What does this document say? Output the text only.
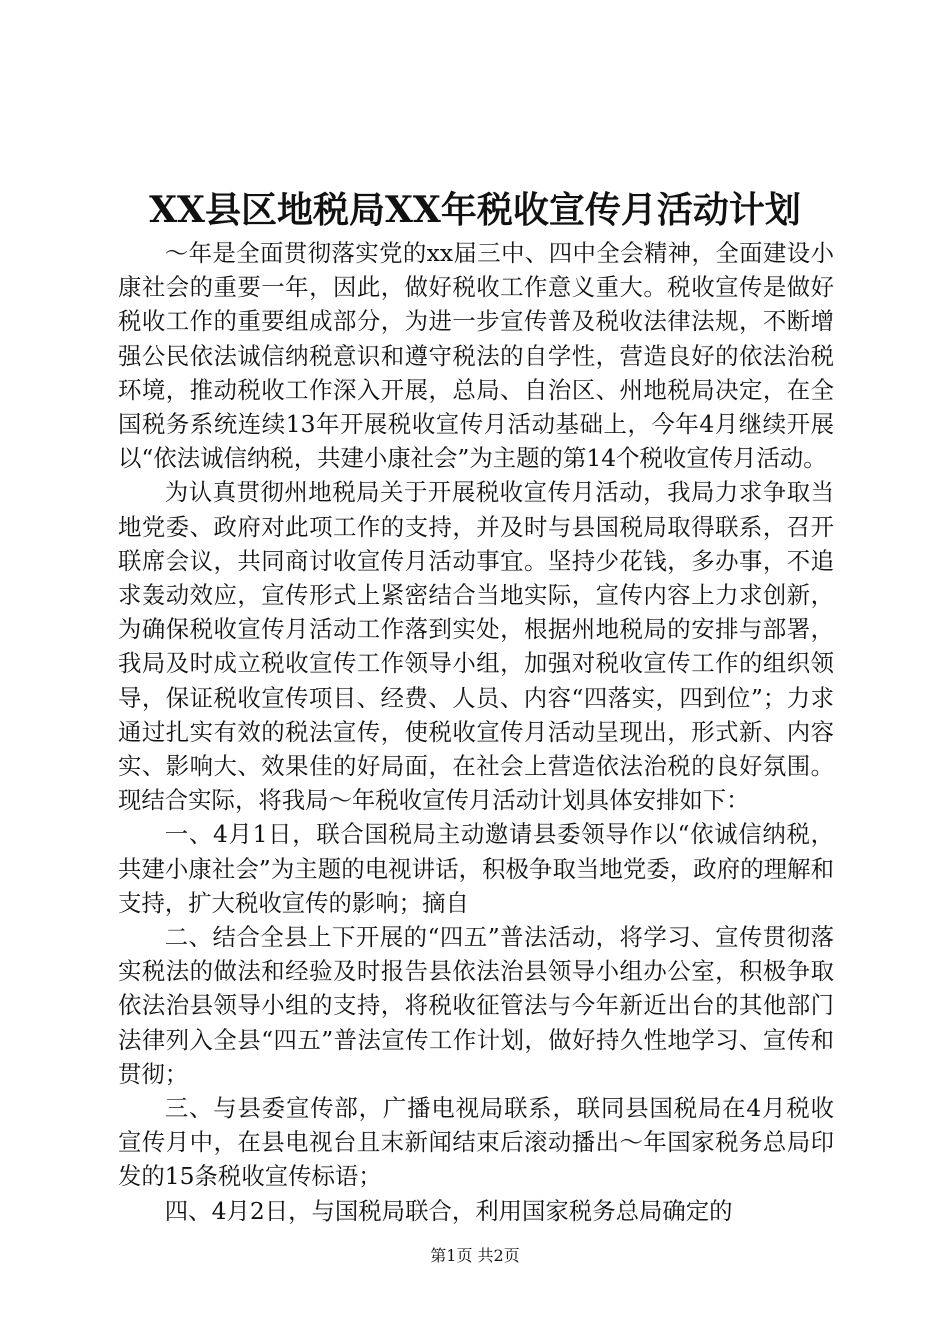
XX县区地税局XX年税收宣传月活动计划

～年是全面贯彻落实党的xx届三中、四中全会精神，全面建设小康社会的重要一年，因此，做好税收工作意义重大。税收宣传是做好税收工作的重要组成部分，为进一步宣传普及税收法律法规，不断增强公民依法诚信纳税意识和遵守税法的自学性，营造良好的依法治税环境，推动税收工作深入开展，总局、自治区、州地税局决定，在全国税务系统连续13年开展税收宣传月活动基础上，今年4月继续开展以“依法诚信纳税，共建小康社会”为主题的第14个税收宣传月活动。

为认真贯彻州地税局关于开展税收宣传月活动，我局力求争取当地党委、政府对此项工作的支持，并及时与县国税局取得联系，召开联席会议，共同商讨收宣传月活动事宜。坚持少花钱，多办事，不追求轰动效应，宣传形式上紧密结合当地实际，宣传内容上力求创新，为确保税收宣传月活动工作落到实处，根据州地税局的安排与部署，我局及时成立税收宣传工作领导小组，加强对税收宣传工作的组织领导，保证税收宣传项目、经费、人员、内容“四落实，四到位”；力求通过扎实有效的税法宣传，使税收宣传月活动呈现出，形式新、内容实、影响大、效果佳的好局面，在社会上营造依法治税的良好氛围。现结合实际，将我局～年税收宣传月活动计划具体安排如下：

一、4月1日，联合国税局主动邀请县委领导作以“依诚信纳税，共建小康社会”为主题的电视讲话，积极争取当地党委，政府的理解和支持，扩大税收宣传的影响；摘自

二、结合全县上下开展的“四五”普法活动，将学习、宣传贯彻落实税法的做法和经验及时报告县依法治县领导小组办公室，积极争取依法治县领导小组的支持，将税收征管法与今年新近出台的其他部门法律列入全县“四五”普法宣传工作计划，做好持久性地学习、宣传和贯彻；

三、与县委宣传部，广播电视局联系，联同县国税局在4月税收宣传月中，在县电视台且末新闻结束后滚动播出～年国家税务总局印发的15条税收宣传标语；

四、4月2日，与国税局联合，利用国家税务总局确定的

第1页 共2页
